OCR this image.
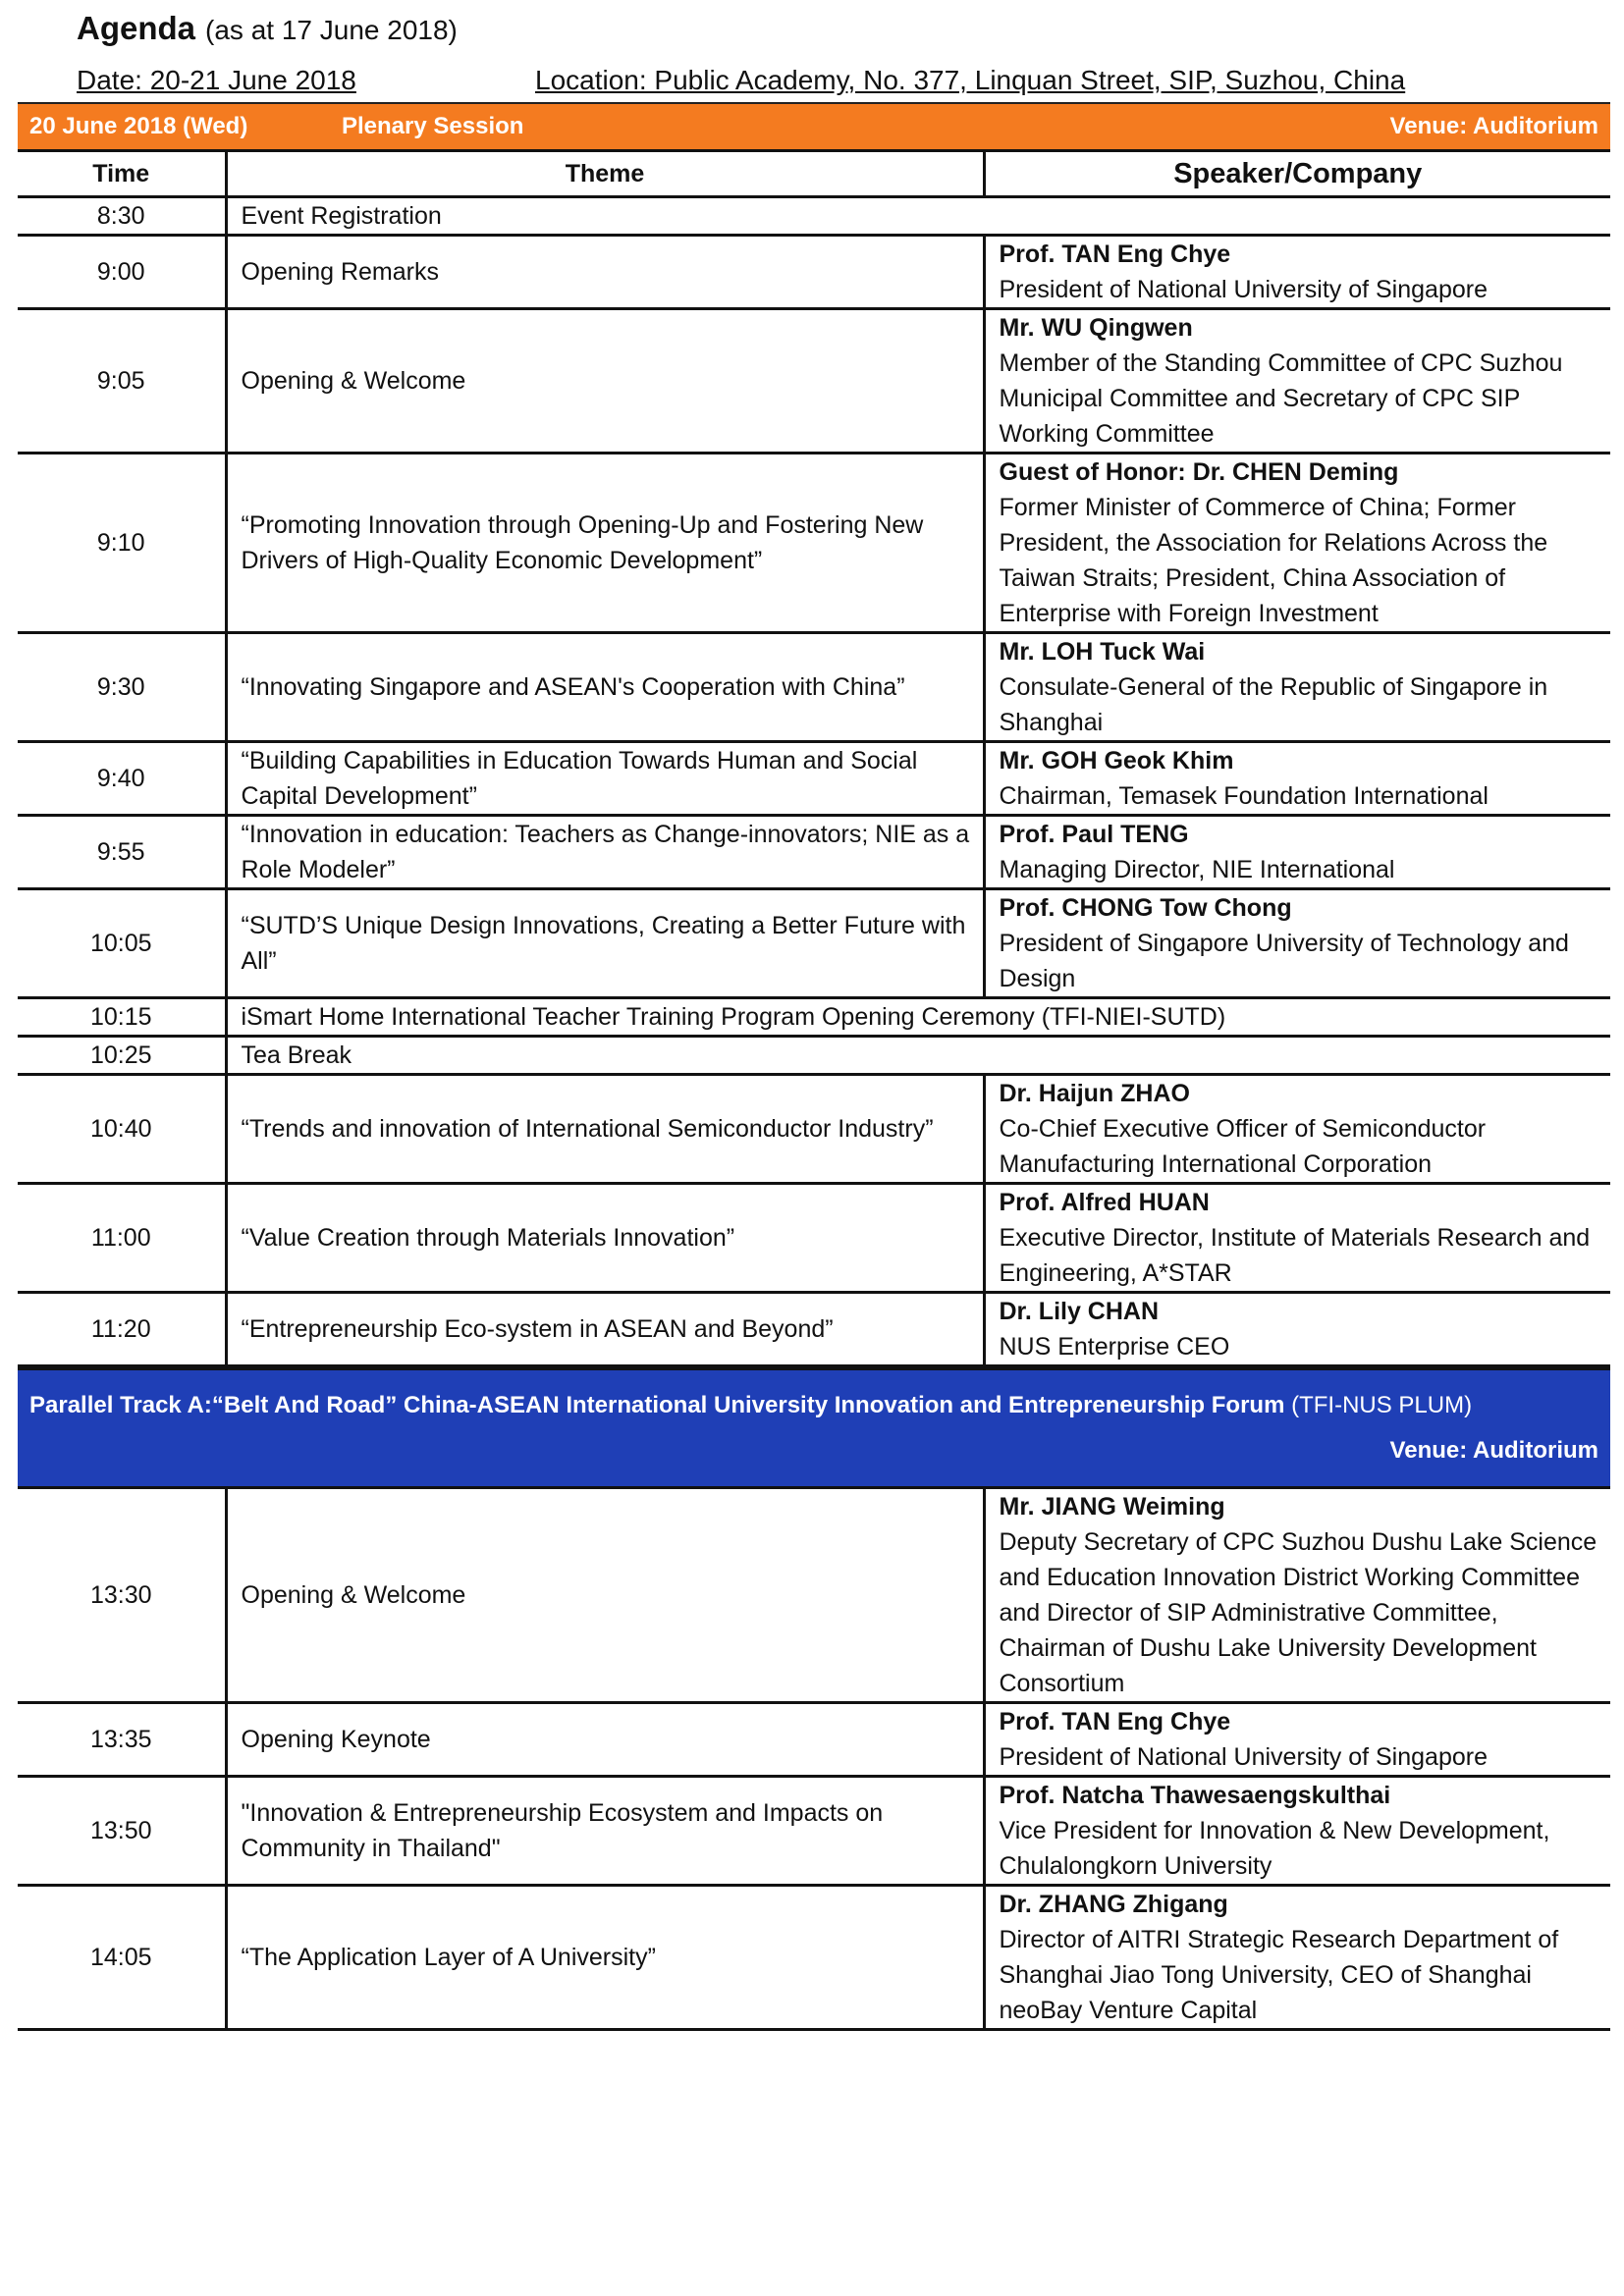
Agenda (as at 17 June 2018)
Date: 20-21 June 2018	Location: Public Academy, No. 377, Linquan Street, SIP, Suzhou, China
20 June 2018 (Wed)	Plenary Session	Venue: Auditorium
Time	Theme	Speaker/Company
8:30	Event Registration	
9:00	Opening Remarks	Prof. TAN Eng Chye
President of National University of Singapore

9:05	Opening & Welcome	Mr. WU Qingwen
Member of the Standing Committee of CPC Suzhou Municipal Committee and Secretary of CPC SIP Working Committee

9:10	“Promoting Innovation through Opening-Up and Fostering New Drivers of High-Quality Economic Development”	Guest of Honor: Dr. CHEN Deming
Former Minister of Commerce of China; Former President, the Association for Relations Across the Taiwan Straits; President, China Association of Enterprise with Foreign Investment

9:30	“Innovating Singapore and ASEAN's Cooperation with China”	Mr. LOH Tuck Wai
Consulate-General of the Republic of Singapore in Shanghai

9:40	“Building Capabilities in Education Towards Human and Social Capital Development”	Mr. GOH Geok Khim
Chairman, Temasek Foundation International

9:55	“Innovation in education: Teachers as Change-innovators; NIE as a Role Modeler”	Prof. Paul TENG
Managing Director, NIE International

10:05	“SUTD’S Unique Design Innovations, Creating a Better Future with All”	Prof. CHONG Tow Chong
President of Singapore University of Technology and Design

10:15	iSmart Home International Teacher Training Program Opening Ceremony (TFI-NIEI-SUTD)	
10:25	Tea Break	
10:40	“Trends and innovation of International Semiconductor Industry”	Dr. Haijun ZHAO
Co-Chief Executive Officer of Semiconductor Manufacturing International Corporation

11:00	“Value Creation through Materials Innovation”	Prof. Alfred HUAN
Executive Director, Institute of Materials Research and Engineering, A*STAR

11:20	“Entrepreneurship Eco-system in ASEAN and Beyond”	Dr. Lily CHAN
NUS Enterprise CEO
Parallel Track A:“Belt And Road” China-ASEAN International University Innovation and Entrepreneurship Forum (TFI-NUS PLUM)
Venue: Auditorium
13:30	Opening & Welcome	Mr. JIANG Weiming
Deputy Secretary of CPC Suzhou Dushu Lake Science and Education Innovation District Working Committee and Director of SIP Administrative Committee, Chairman of Dushu Lake University Development Consortium

13:35	Opening Keynote	Prof. TAN Eng Chye
President of National University of Singapore

13:50	"Innovation & Entrepreneurship Ecosystem and Impacts on Community in Thailand"	Prof. Natcha Thawesaengskulthai
Vice President for Innovation & New Development, Chulalongkorn University

14:05	“The Application Layer of A University”	Dr. ZHANG Zhigang
Director of AITRI Strategic Research Department of Shanghai Jiao Tong University, CEO of Shanghai neoBay Venture Capital
